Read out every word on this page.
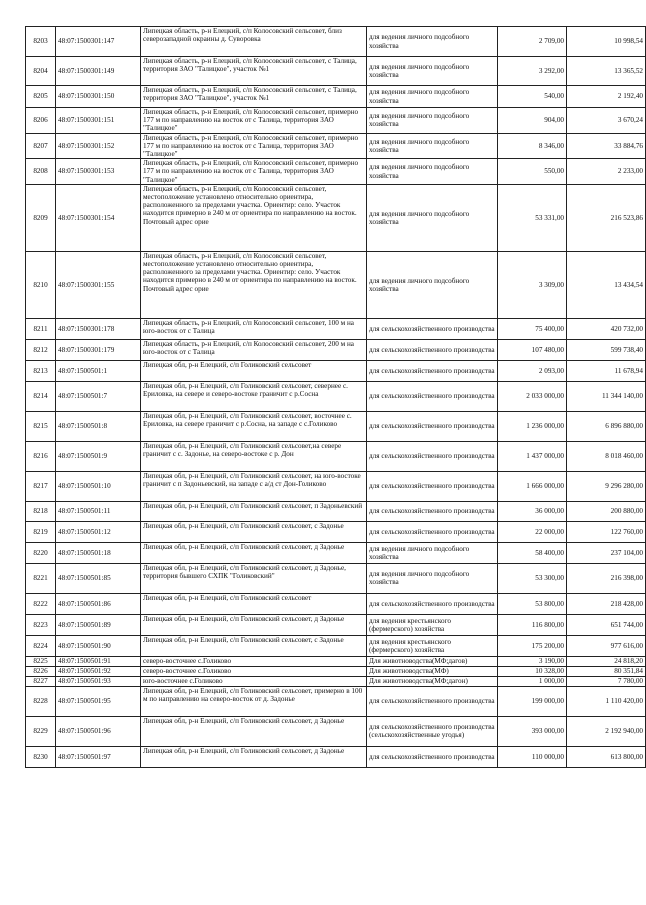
8203	48:07:1500301:147	Липецкая область, р-н Елецкий, с/п Колосовский сельсовет, близ северозападной окраины д. Суворовка	для ведения личного подсобного хозяйства	2 709,00	10 998,54
8204	48:07:1500301:149	Липецкая область, р-н Елецкий, с/п Колосовский сельсовет, с Талица, территория ЗАО "Талицкое", участок №1	для ведения личного подсобного хозяйства	3 292,00	13 365,52
8205	48:07:1500301:150	Липецкая область, р-н Елецкий, с/п Колосовский сельсовет, с Талица, территория ЗАО "Талицкое", участок №1	для ведения личного подсобного хозяйства	540,00	2 192,40
8206	48:07:1500301:151	Липецкая область, р-н Елецкий, с/п Колосовский сельсовет, примерно 177 м по направлению на восток от с Талица, территория ЗАО "Талицкое"	для ведения личного подсобного хозяйства	904,00	3 670,24
8207	48:07:1500301:152	Липецкая область, р-н Елецкий, с/п Колосовский сельсовет, примерно 177 м по направлению на восток от с Талица, территория ЗАО "Талицкое"	для ведения личного подсобного хозяйства	8 346,00	33 884,76
8208	48:07:1500301:153	Липецкая область, р-н Елецкий, с/п Колосовский сельсовет, примерно 177 м по направлению на восток от с Талица, территория ЗАО "Талицкое"	для ведения личного подсобного хозяйства	550,00	2 233,00
8209	48:07:1500301:154	Липецкая область, р-н Елецкий, с/п Колосовский сельсовет, местоположение установлено относительно ориентира, расположенного за пределами участка. Ориентир: село. Участок находится примерно в 240 м от ориентира по направлению на восток. Почтовый адрес орие	для ведения личного подсобного хозяйства	53 331,00	216 523,86
8210	48:07:1500301:155	Липецкая область, р-н Елецкий, с/п Колосовский сельсовет, местоположение установлено относительно ориентира, расположенного за пределами участка. Ориентир: село. Участок находится примерно в 240 м от ориентира по направлению на восток. Почтовый адрес орие	для ведения личного подсобного хозяйства	3 309,00	13 434,54
8211	48:07:1500301:178	Липецкая область, р-н Елецкий, с/п Колосовский сельсовет, 100 м на юго-восток от с Талица	для сельскохозяйственного производства	75 400,00	420 732,00
8212	48:07:1500301:179	Липецкая область, р-н Елецкий, с/п Колосовский сельсовет, 200 м на юго-восток от с Талица	для сельскохозяйственного производства	107 480,00	599 738,40
8213	48:07:1500501:1	Липецкая обл, р-н Елецкий, с/п Голиковский сельсовет	для сельскохозяйственного производства	2 093,00	11 678,94
8214	48:07:1500501:7	Липецкая обл, р-н Елецкий, с/п Голиковский сельсовет, севернее с. Ериловка, на севере и северо-востоке граничит с р.Сосна	для сельскохозяйственного производства	2 033 000,00	11 344 140,00
8215	48:07:1500501:8	Липецкая обл, р-н Елецкий, с/п Голиковский сельсовет, восточнее с. Ериловка, на севере граничит с р.Сосна, на западе с с.Голиково	для сельскохозяйственного производства	1 236 000,00	6 896 880,00
8216	48:07:1500501:9	Липецкая обл, р-н Елецкий, с/п Голиковский сельсовет,на севере граничит с с. Задонье, на северо-востоке с р. Дон	для сельскохозяйственного производства	1 437 000,00	8 018 460,00
8217	48:07:1500501:10	Липецкая обл, р-н Елецкий, с/п Голиковский сельсовет, на юго-востоке граничит с п Задоньевский, на западе с а/д ст Дон-Голиково	для сельскохозяйственного производства	1 666 000,00	9 296 280,00
8218	48:07:1500501:11	Липецкая обл, р-н Елецкий, с/п Голиковский сельсовет, п Задоньевский	для сельскохозяйственного производства	36 000,00	200 880,00
8219	48:07:1500501:12	Липецкая обл, р-н Елецкий, с/п Голиковский сельсовет, с Задонье	для сельскохозяйственного производства	22 000,00	122 760,00
8220	48:07:1500501:18	Липецкая обл, р-н Елецкий, с/п Голиковский сельсовет, д Задонье	для ведения личного подсобного хозяйства	58 400,00	237 104,00
8221	48:07:1500501:85	Липецкая обл, р-н Елецкий, с/п Голиковский сельсовет, д Задонье, территория бывшего СХПК "Голиковский"	для ведения личного подсобного хозяйства	53 300,00	216 398,00
8222	48:07:1500501:86	Липецкая обл, р-н Елецкий, с/п Голиковский сельсовет	для сельскохозяйственного производства	53 800,00	218 428,00
8223	48:07:1500501:89	Липецкая обл, р-н Елецкий, с/п Голиковский сельсовет, д Задонье	для ведения крестьянского (фермерского) хозяйства	116 800,00	651 744,00
8224	48:07:1500501:90	Липецкая обл, р-н Елецкий, с/п Голиковский сельсовет, с Задонье	для ведения крестьянского (фермерского) хозяйства	175 200,00	977 616,00
8225	48:07:1500501:91	северо-восточнее с.Голиково	Для животноводства(МФ;дагов)	3 190,00	24 818,20
8226	48:07:1500501:92	северо-восточнее с.Голиково	Для животноводства(МФ)	10 328,00	80 351,84
8227	48:07:1500501:93	юго-восточнее с.Голиково	Для животноводства(МФ;дагон)	1 000,00	7 780,00
8228	48:07:1500501:95	Липецкая обл, р-н Елецкий, с/п Голиковский сельсовет, примерно в 100 м по направлению на северо-восток от д. Задонье	для сельскохозяйственного производства	199 000,00	1 110 420,00
8229	48:07:1500501:96	Липецкая обл, р-н Елецкий, с/п Голиковский сельсовет, д Задонье	для сельскохозяйственного производства (сельскохозяйственные угодья)	393 000,00	2 192 940,00
8230	48:07:1500501:97	Липецкая обл, р-н Елецкий, с/п Голиковский сельсовет, д Задонье	для сельскохозяйственного производства	110 000,00	613 800,00
